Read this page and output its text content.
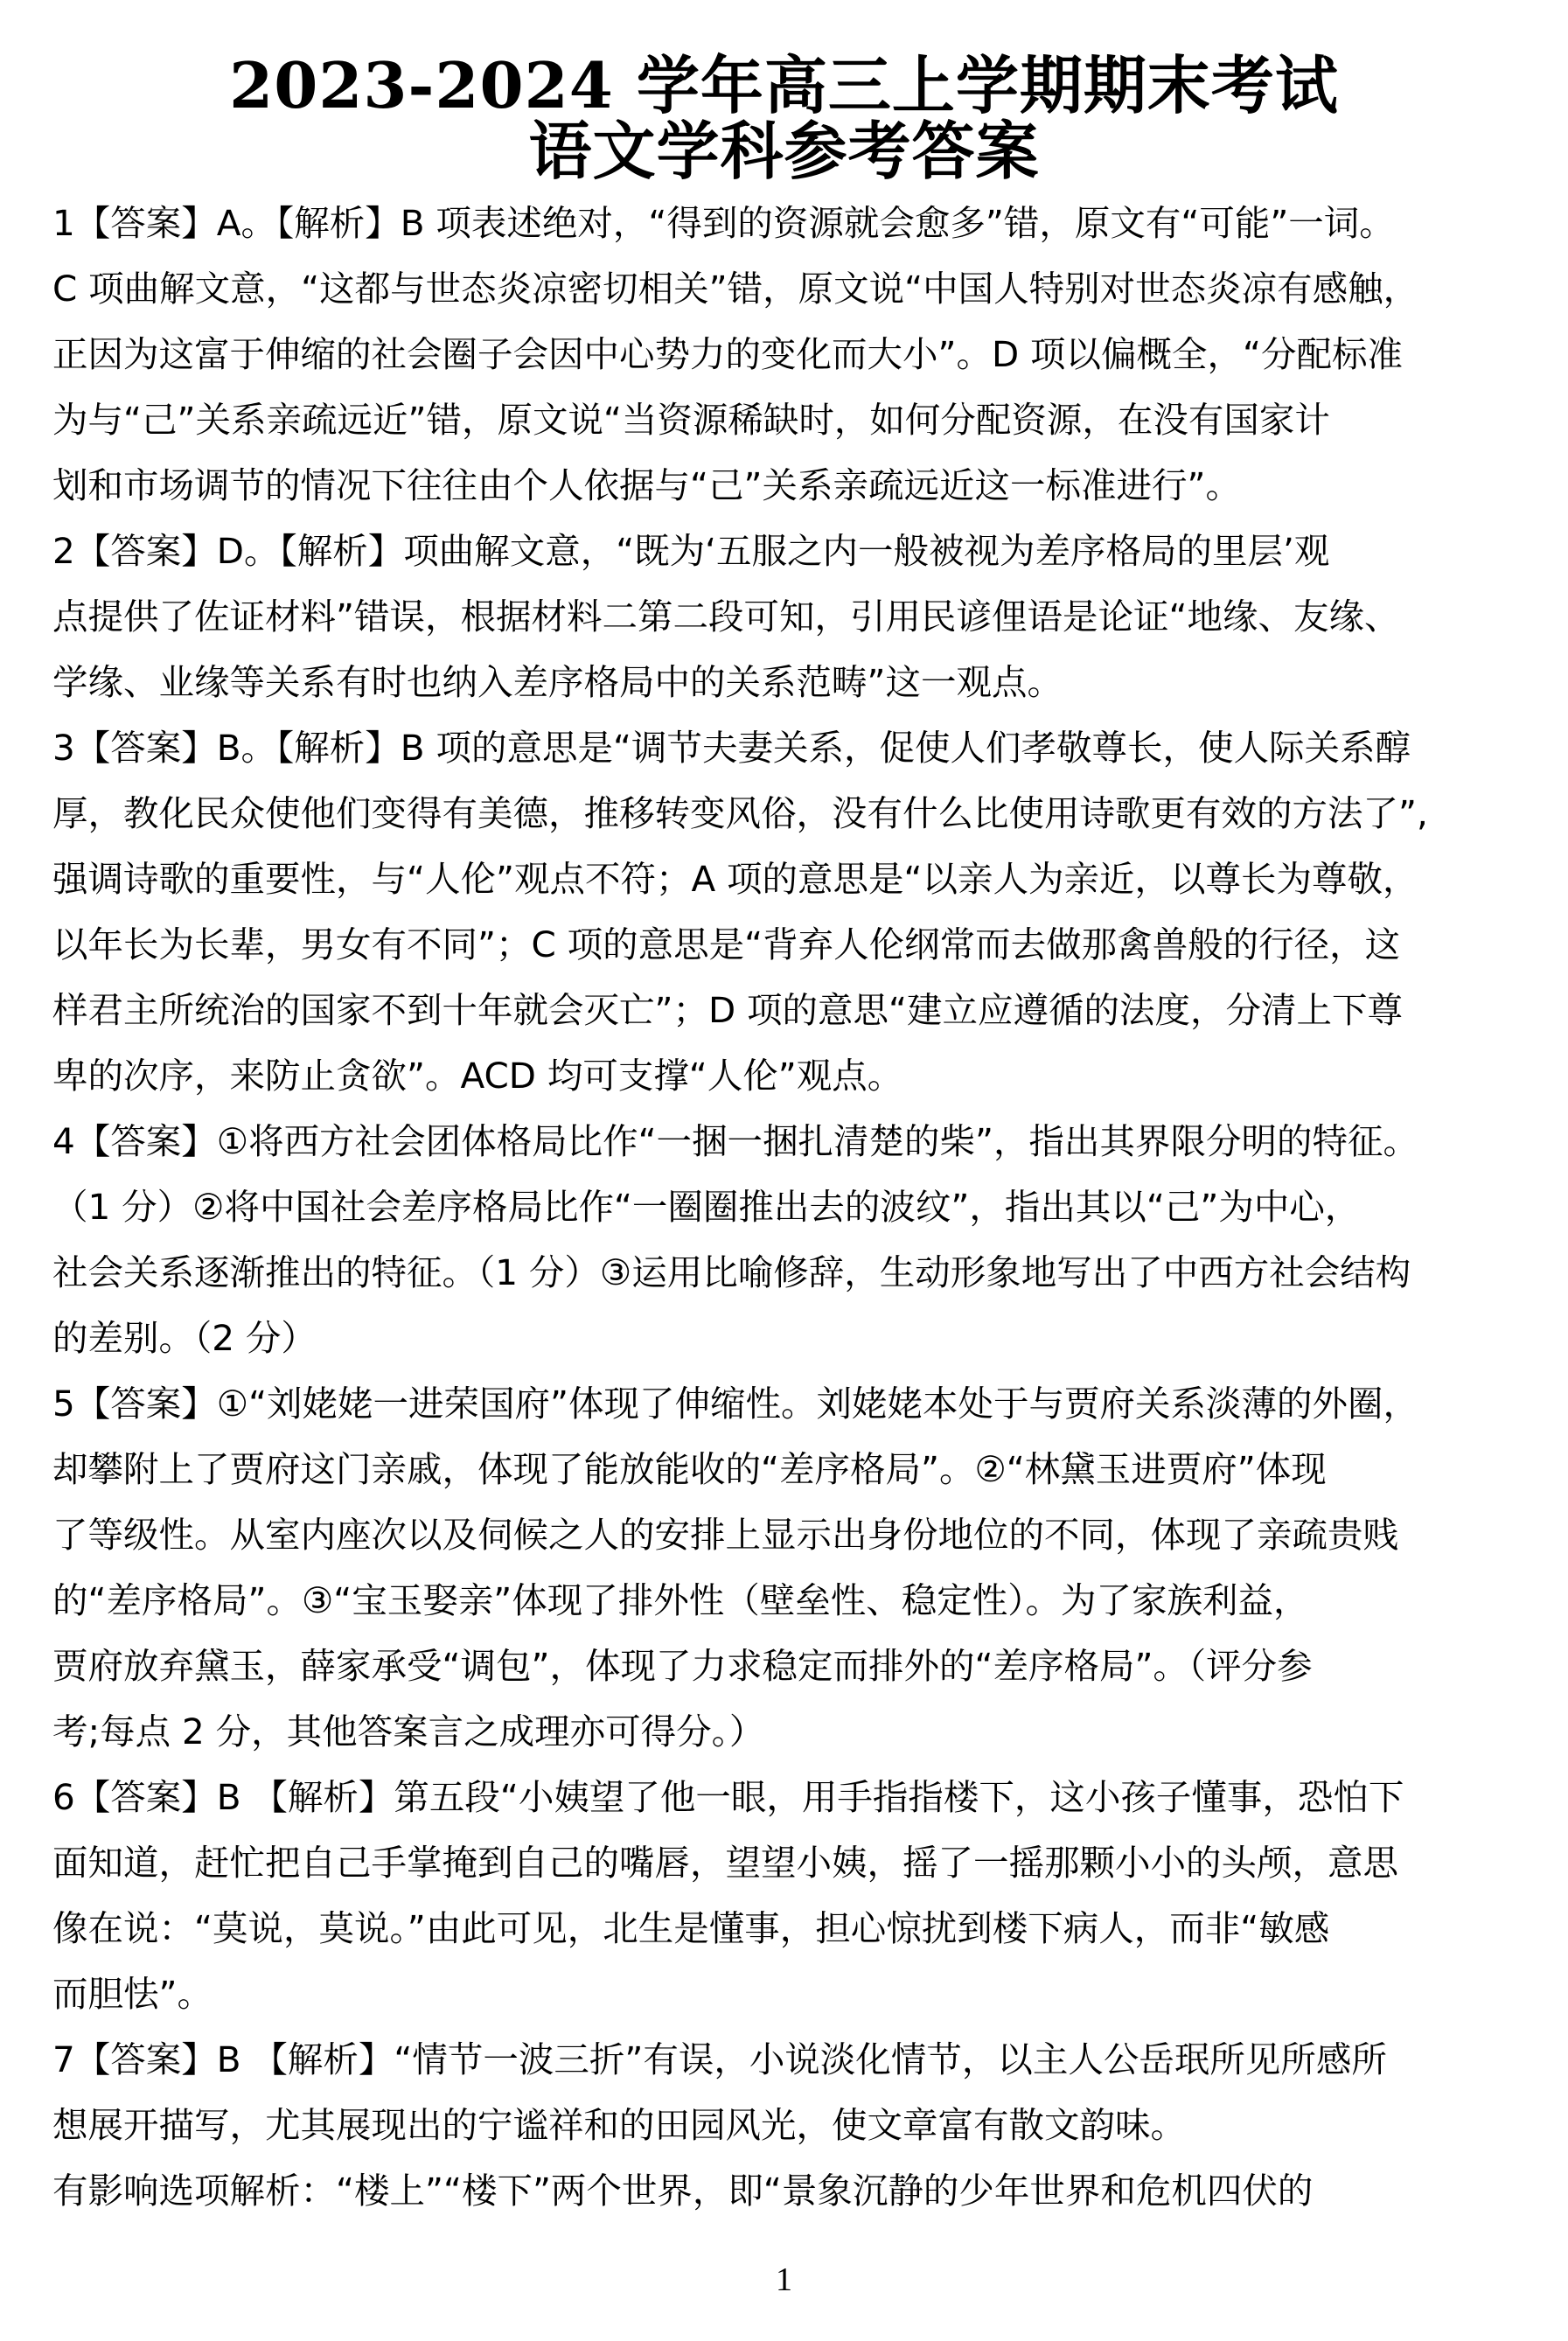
2023-2024 学年高三上学期期末考试
语文学科参考答案
1【答案】A。【解析】B 项表述绝对，“得到的资源就会愈多”错，原文有“可能”一词。
C 项曲解文意，“这都与世态炎凉密切相关”错，原文说“中国人特别对世态炎凉有感触，
正因为这富于伸缩的社会圈子会因中心势力的变化而大小”。D 项以偏概全，“分配标准
为与“己”关系亲疏远近”错，原文说“当资源稀缺时，如何分配资源，在没有国家计
划和市场调节的情况下往往由个人依据与“己”关系亲疏远近这一标准进行”。
2【答案】D。【解析】项曲解文意，“既为‘五服之内一般被视为差序格局的里层’观
点提供了佐证材料”错误，根据材料二第二段可知，引用民谚俚语是论证“地缘、友缘、
学缘、业缘等关系有时也纳入差序格局中的关系范畴”这一观点。
3【答案】B。【解析】B 项的意思是“调节夫妻关系，促使人们孝敬尊长，使人际关系醇
厚，教化民众使他们变得有美德，推移转变风俗，没有什么比使用诗歌更有效的方法了”,
强调诗歌的重要性，与“人伦”观点不符；A 项的意思是“以亲人为亲近，以尊长为尊敬，
以年长为长辈，男女有不同”；C 项的意思是“背弃人伦纲常而去做那禽兽般的行径，这
样君主所统治的国家不到十年就会灭亡”；D 项的意思“建立应遵循的法度，分清上下尊
卑的次序，来防止贪欲”。ACD 均可支撑“人伦”观点。
4【答案】①将西方社会团体格局比作“一捆一捆扎清楚的柴”，指出其界限分明的特征。
（1 分）②将中国社会差序格局比作“一圈圈推出去的波纹”，指出其以“己”为中心，
社会关系逐渐推出的特征。（1 分）③运用比喻修辞，生动形象地写出了中西方社会结构
的差别。（2 分）
5【答案】①“刘姥姥一进荣国府”体现了伸缩性。刘姥姥本处于与贾府关系淡薄的外圈，
却攀附上了贾府这门亲戚，体现了能放能收的“差序格局”。②“林黛玉进贾府”体现
了等级性。从室内座次以及伺候之人的安排上显示出身份地位的不同，体现了亲疏贵贱
的“差序格局”。③“宝玉娶亲”体现了排外性（壁垒性、稳定性）。为了家族利益，
贾府放弃黛玉，薛家承受“调包”，体现了力求稳定而排外的“差序格局”。（评分参
考;每点 2 分，其他答案言之成理亦可得分。）
6【答案】B 【解析】第五段“小姨望了他一眼，用手指指楼下，这小孩子懂事，恐怕下
面知道，赶忙把自己手掌掩到自己的嘴唇，望望小姨，摇了一摇那颗小小的头颅，意思
像在说：“莫说，莫说。”由此可见，北生是懂事，担心惊扰到楼下病人，而非“敏感
而胆怯”。
7【答案】B 【解析】“情节一波三折”有误，小说淡化情节，以主人公岳珉所见所感所
想展开描写，尤其展现出的宁谧祥和的田园风光，使文章富有散文韵味。
有影响选项解析：“楼上”“楼下”两个世界，即“景象沉静的少年世界和危机四伏的
1
